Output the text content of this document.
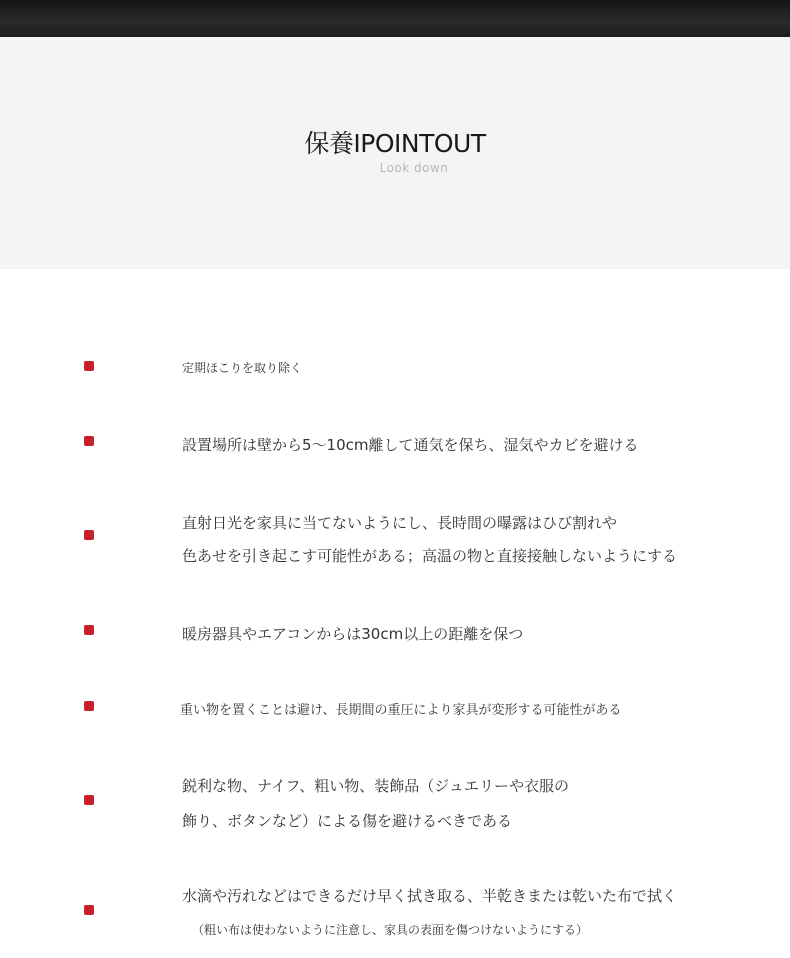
保養IPOINTOUT
Look down
定期ほこりを取り除く
設置場所は壁から5〜10cm離して通気を保ち、湿気やカビを避ける
直射日光を家具に当てないようにし、長時間の曝露はひび割れや
色あせを引き起こす可能性がある；高温の物と直接接触しないようにする
暖房器具やエアコンからは30cm以上の距離を保つ
重い物を置くことは避け、長期間の重圧により家具が変形する可能性がある
鋭利な物、ナイフ、粗い物、装飾品（ジュエリーや衣服の
飾り、ボタンなど）による傷を避けるべきである
水滴や汚れなどはできるだけ早く拭き取る、半乾きまたは乾いた布で拭く
（粗い布は使わないように注意し、家具の表面を傷つけないようにする）
